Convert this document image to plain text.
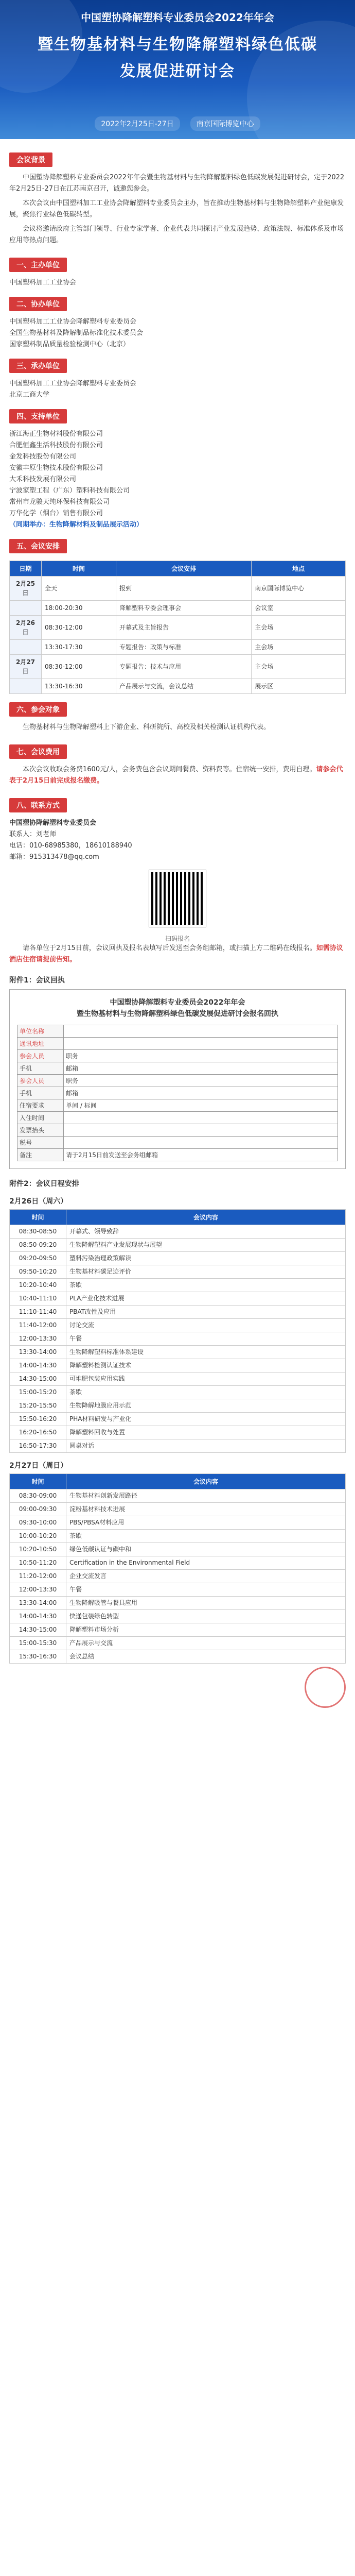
中国塑协降解塑料专业委员会2022年年会
暨生物基材料与生物降解塑料绿色低碳
发展促进研讨会
2022年2月25日-27日	南京国际博览中心
会议背景

中国塑协降解塑料专业委员会2022年年会暨生物基材料与生物降解塑料绿色低碳发展促进研讨会，定于2022年2月25日-27日在江苏南京召开，诚邀您参会。

本次会议由中国塑料加工工业协会降解塑料专业委员会主办，旨在推动生物基材料与生物降解塑料产业健康发展，聚焦行业绿色低碳转型。

会议将邀请政府主管部门领导、行业专家学者、企业代表共同探讨产业发展趋势、政策法规、标准体系及市场应用等热点问题。

一、主办单位

中国塑料加工工业协会

二、协办单位

中国塑料加工工业协会降解塑料专业委员会

全国生物基材料及降解制品标准化技术委员会

国家塑料制品质量检验检测中心（北京）

三、承办单位

中国塑料加工工业协会降解塑料专业委员会

北京工商大学

四、支持单位

浙江海正生物材料股份有限公司

合肥恒鑫生活科技股份有限公司

金发科技股份有限公司

安徽丰原生物技术股份有限公司

大禾科技发展有限公司

宁波家塑工程（广东）塑料科技有限公司

常州市龙骏天纯环保科技有限公司

万华化学（烟台）销售有限公司

（同期举办：生物降解材料及制品展示活动）

五、会议安排
日期	时间	会议安排	地点
2月25日	全天	报到	南京国际博览中心
	18:00-20:30	降解塑料专委会理事会	会议室
2月26日	08:30-12:00	开幕式及主旨报告	主会场
	13:30-17:30	专题报告：政策与标准	主会场
2月27日	08:30-12:00	专题报告：技术与应用	主会场
	13:30-16:30	产品展示与交流，会议总结	展示区
六、参会对象

生物基材料与生物降解塑料上下游企业、科研院所、高校及相关检测认证机构代表。

七、会议费用

本次会议收取会务费1600元/人，会务费包含会议期间餐费、资料费等。住宿统一安排，费用自理。请参会代表于2月15日前完成报名缴费。

八、联系方式

中国塑协降解塑料专业委员会

联系人：刘老师

电话：010-68985380，18610188940

邮箱：915313478@qq.com

扫码报名

请各单位于2月15日前，会议回执及报名表填写后发送至会务组邮箱，或扫描上方二维码在线报名。如需协议酒店住宿请提前告知。

附件1：会议回执
中国塑协降解塑料专业委员会2022年年会
暨生物基材料与生物降解塑料绿色低碳发展促进研讨会报名回执
单位名称	
通讯地址	
参会人员	职务
手机	邮箱
参会人员	职务
手机	邮箱
住宿要求	单间 / 标间
入住时间	
发票抬头	
税号	
备注	请于2月15日前发送至会务组邮箱
附件2：会议日程安排
2月26日（周六）
时间	会议内容
08:30-08:50	开幕式、领导致辞
08:50-09:20	生物降解塑料产业发展现状与展望
09:20-09:50	塑料污染治理政策解读
09:50-10:20	生物基材料碳足迹评价
10:20-10:40	茶歇
10:40-11:10	PLA产业化技术进展
11:10-11:40	PBAT改性及应用
11:40-12:00	讨论交流
12:00-13:30	午餐
13:30-14:00	生物降解塑料标准体系建设
14:00-14:30	降解塑料检测认证技术
14:30-15:00	可堆肥包装应用实践
15:00-15:20	茶歇
15:20-15:50	生物降解地膜应用示范
15:50-16:20	PHA材料研发与产业化
16:20-16:50	降解塑料回收与处置
16:50-17:30	圆桌对话
2月27日（周日）
时间	会议内容
08:30-09:00	生物基材料创新发展路径
09:00-09:30	淀粉基材料技术进展
09:30-10:00	PBS/PBSA材料应用
10:00-10:20	茶歇
10:20-10:50	绿色低碳认证与碳中和
10:50-11:20	Certification in the Environmental Field
11:20-12:00	企业交流发言
12:00-13:30	午餐
13:30-14:00	生物降解吸管与餐具应用
14:00-14:30	快递包装绿色转型
14:30-15:00	降解塑料市场分析
15:00-15:30	产品展示与交流
15:30-16:30	会议总结
